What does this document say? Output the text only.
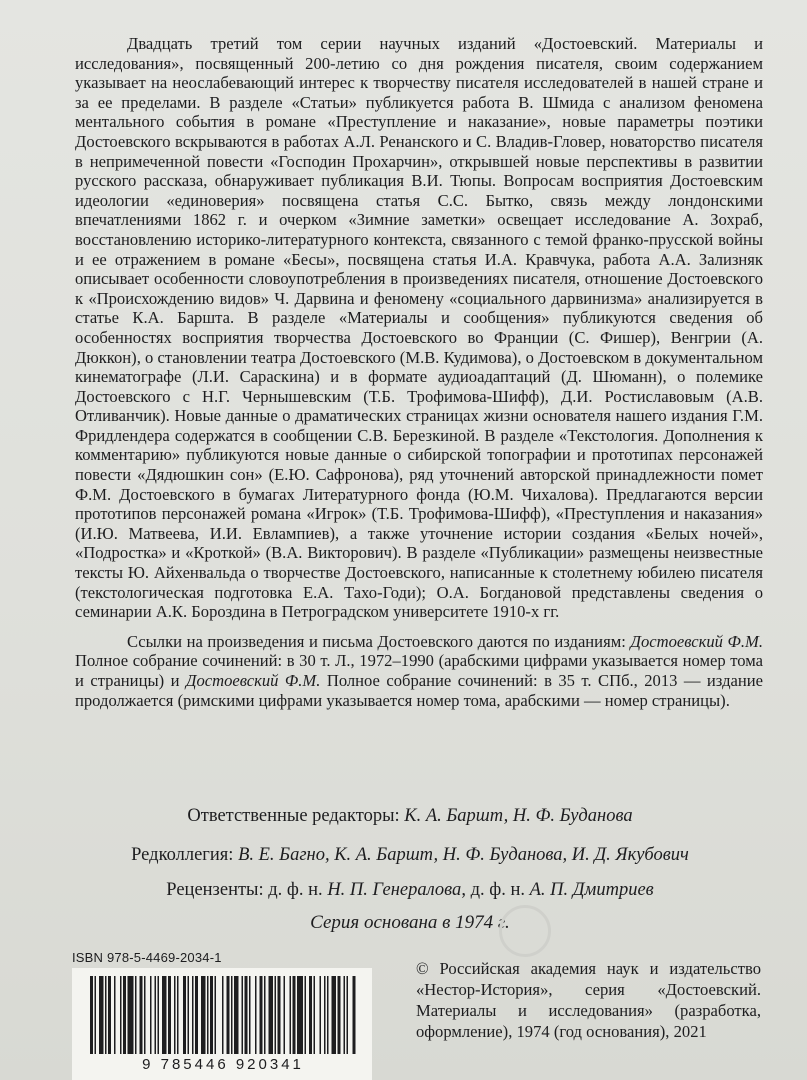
Двадцать третий том серии научных изданий «Достоевский. Материалы и исследования», посвященный 200-летию со дня рождения писателя, своим содержанием указывает на неослабевающий интерес к творчеству писателя исследователей в нашей стране и за ее пределами. В разделе «Статьи» публикуется работа В. Шмида с анализом феномена ментального события в романе «Преступление и наказание», новые параметры поэтики Достоевского вскрываются в работах А.Л. Ренанского и С. Владив-Гловер, новаторство писателя в непримеченной повести «Господин Прохарчин», открывшей новые перспективы в развитии русского рассказа, обнаруживает публикация В.И. Тюпы. Вопросам восприятия Достоевским идеологии «единоверия» посвящена статья С.С. Бытко, связь между лондонскими впечатлениями 1862 г. и очерком «Зимние заметки» освещает исследование А. Зохраб, восстановлению историко-литературного контекста, связанного с темой франко-прусской войны и ее отражением в романе «Бесы», посвящена статья И.А. Кравчука, работа А.А. Зализняк описывает особенности словоупотребления в произведениях писателя, отношение Достоевского к «Происхождению видов» Ч. Дарвина и феномену «социального дарвинизма» анализируется в статье К.А. Баршта. В разделе «Материалы и сообщения» публикуются сведения об особенностях восприятия творчества Достоевского во Франции (С. Фишер), Венгрии (А. Дюккон), о становлении театра Достоевского (М.В. Кудимова), о Достоевском в документальном кинематографе (Л.И. Сараскина) и в формате аудиоадаптаций (Д. Шюманн), о полемике Достоевского с Н.Г. Чернышевским (Т.Б. Трофимова-Шифф), Д.И. Ростиславовым (А.В. Отливанчик). Новые данные о драматических страницах жизни основателя нашего издания Г.М. Фридлендера содержатся в сообщении С.В. Березкиной. В разделе «Текстология. Дополнения к комментарию» публикуются новые данные о сибирской топографии и прототипах персонажей повести «Дядюшкин сон» (Е.Ю. Сафронова), ряд уточнений авторской принадлежности помет Ф.М. Достоевского в бумагах Литературного фонда (Ю.М. Чихалова). Предлагаются версии прототипов персонажей романа «Игрок» (Т.Б. Трофимова-Шифф), «Преступления и наказания» (И.Ю. Матвеева, И.И. Евлампиев), а также уточнение истории создания «Белых ночей», «Подростка» и «Кроткой» (В.А. Викторович). В разделе «Публикации» размещены неизвестные тексты Ю. Айхенвальда о творчестве Достоевского, написанные к столетнему юбилею писателя (текстологическая подготовка Е.А. Тахо-Годи); О.А. Богдановой представлены сведения о семинарии А.К. Бороздина в Петроградском университете 1910-х гг.

Ссылки на произведения и письма Достоевского даются по изданиям: Достоевский Ф.М. Полное собрание сочинений: в 30 т. Л., 1972–1990 (арабскими цифрами указывается номер тома и страницы) и Достоевский Ф.М. Полное собрание сочинений: в 35 т. СПб., 2013 — издание продолжается (римскими цифрами указывается номер тома, арабскими — номер страницы).

Ответственные редакторы: К. А. Баршт, Н. Ф. Буданова
Редколлегия: В. Е. Багно, К. А. Баршт, Н. Ф. Буданова, И. Д. Якубович
Рецензенты: д. ф. н. Н. П. Генералова, д. ф. н. А. П. Дмитриев
Серия основана в 1974 г.
ISBN 978-5-4469-2034-1
9 785446 920341

© Российская академия наук и издательство «Нестор-История», серия «Достоевский. Материалы и исследования» (разработка, оформление), 1974 (год основания), 2021
